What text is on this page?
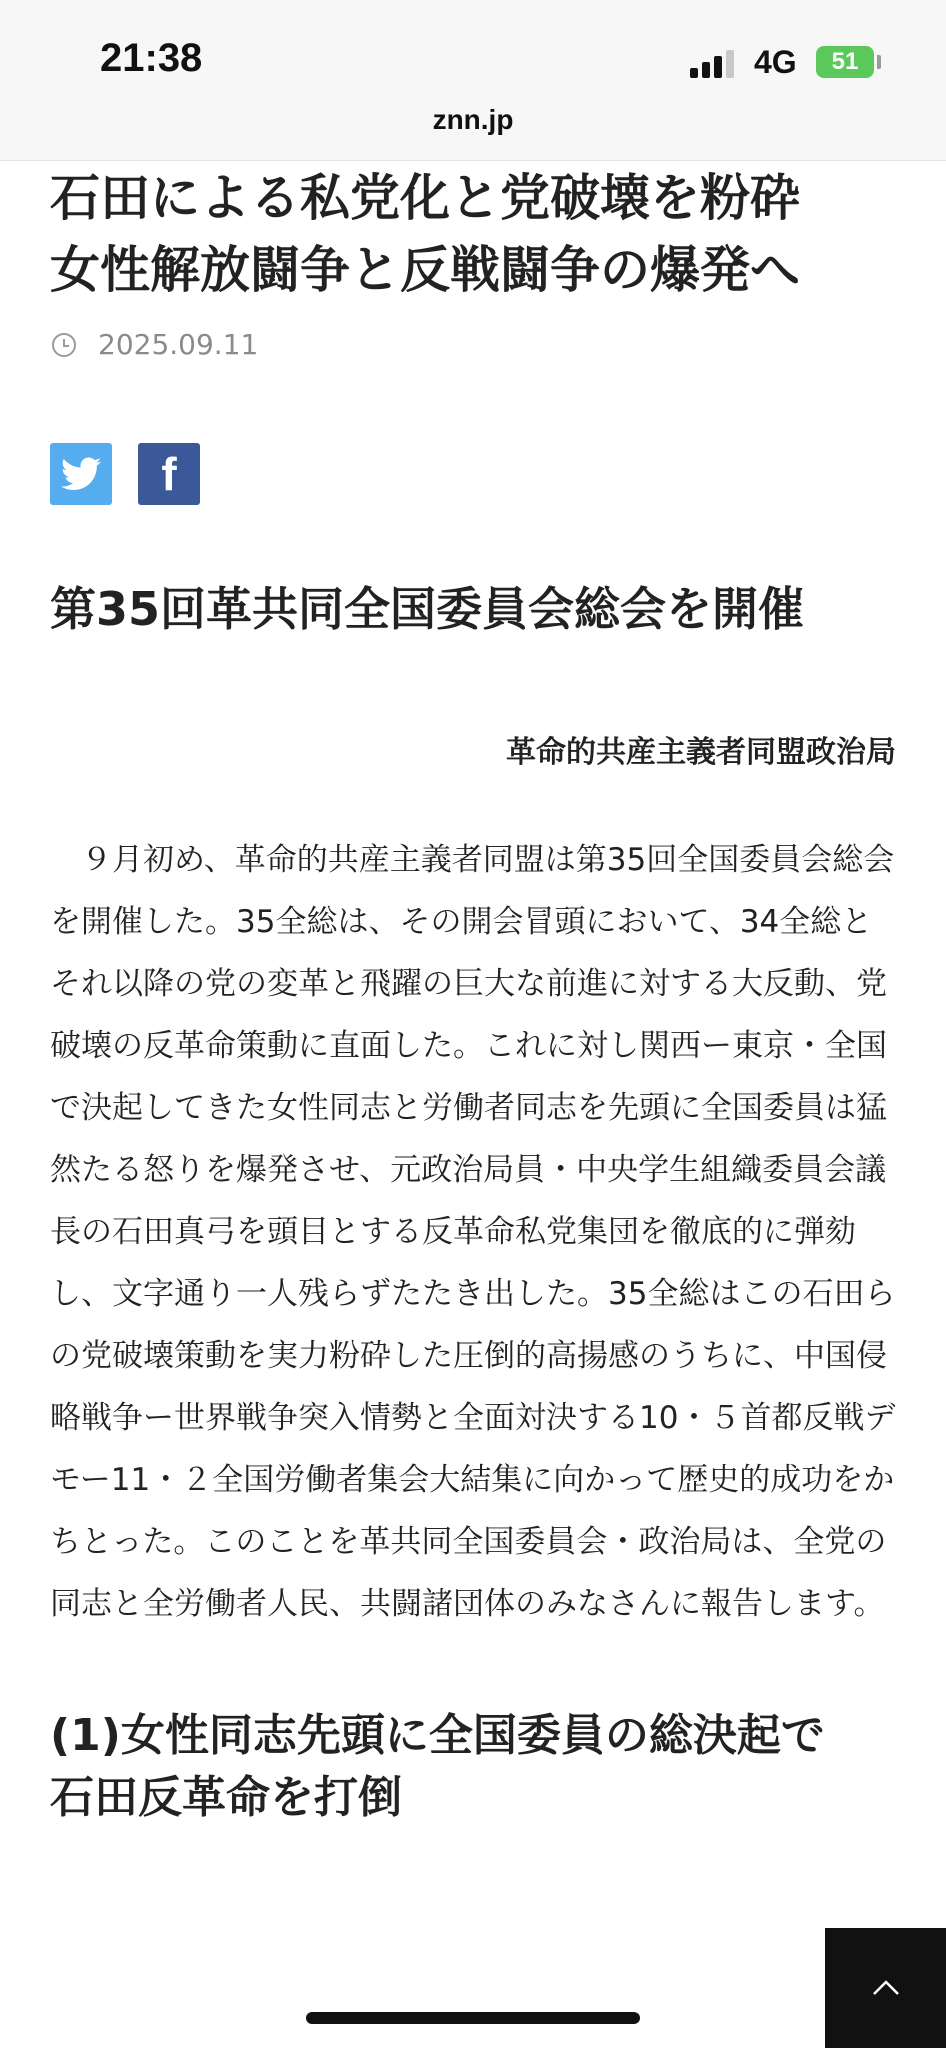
21:38	4G	51
znn.jp
石田による私党化と党破壊を粉砕
女性解放闘争と反戦闘争の爆発へ
2025.09.11
f
第35回革共同全国委員会総会を開催
革命的共産主義者同盟政治局

９月初め、革命的共産主義者同盟は第35回全国委員会総会を開催した。35全総は、その開会冒頭において、34全総とそれ以降の党の変革と飛躍の巨大な前進に対する大反動、党破壊の反革命策動に直面した。これに対し関西ー東京・全国で決起してきた女性同志と労働者同志を先頭に全国委員は猛然たる怒りを爆発させ、元政治局員・中央学生組織委員会議長の石田真弓を頭目とする反革命私党集団を徹底的に弾劾し、文字通り一人残らずたたき出した。35全総はこの石田らの党破壊策動を実力粉砕した圧倒的高揚感のうちに、中国侵略戦争ー世界戦争突入情勢と全面対決する10・５首都反戦デモー11・２全国労働者集会大結集に向かって歴史的成功をかちとった。このことを革共同全国委員会・政治局は、全党の同志と全労働者人民、共闘諸団体のみなさんに報告します。

(1)女性同志先頭に全国委員の総決起で
石田反革命を打倒
